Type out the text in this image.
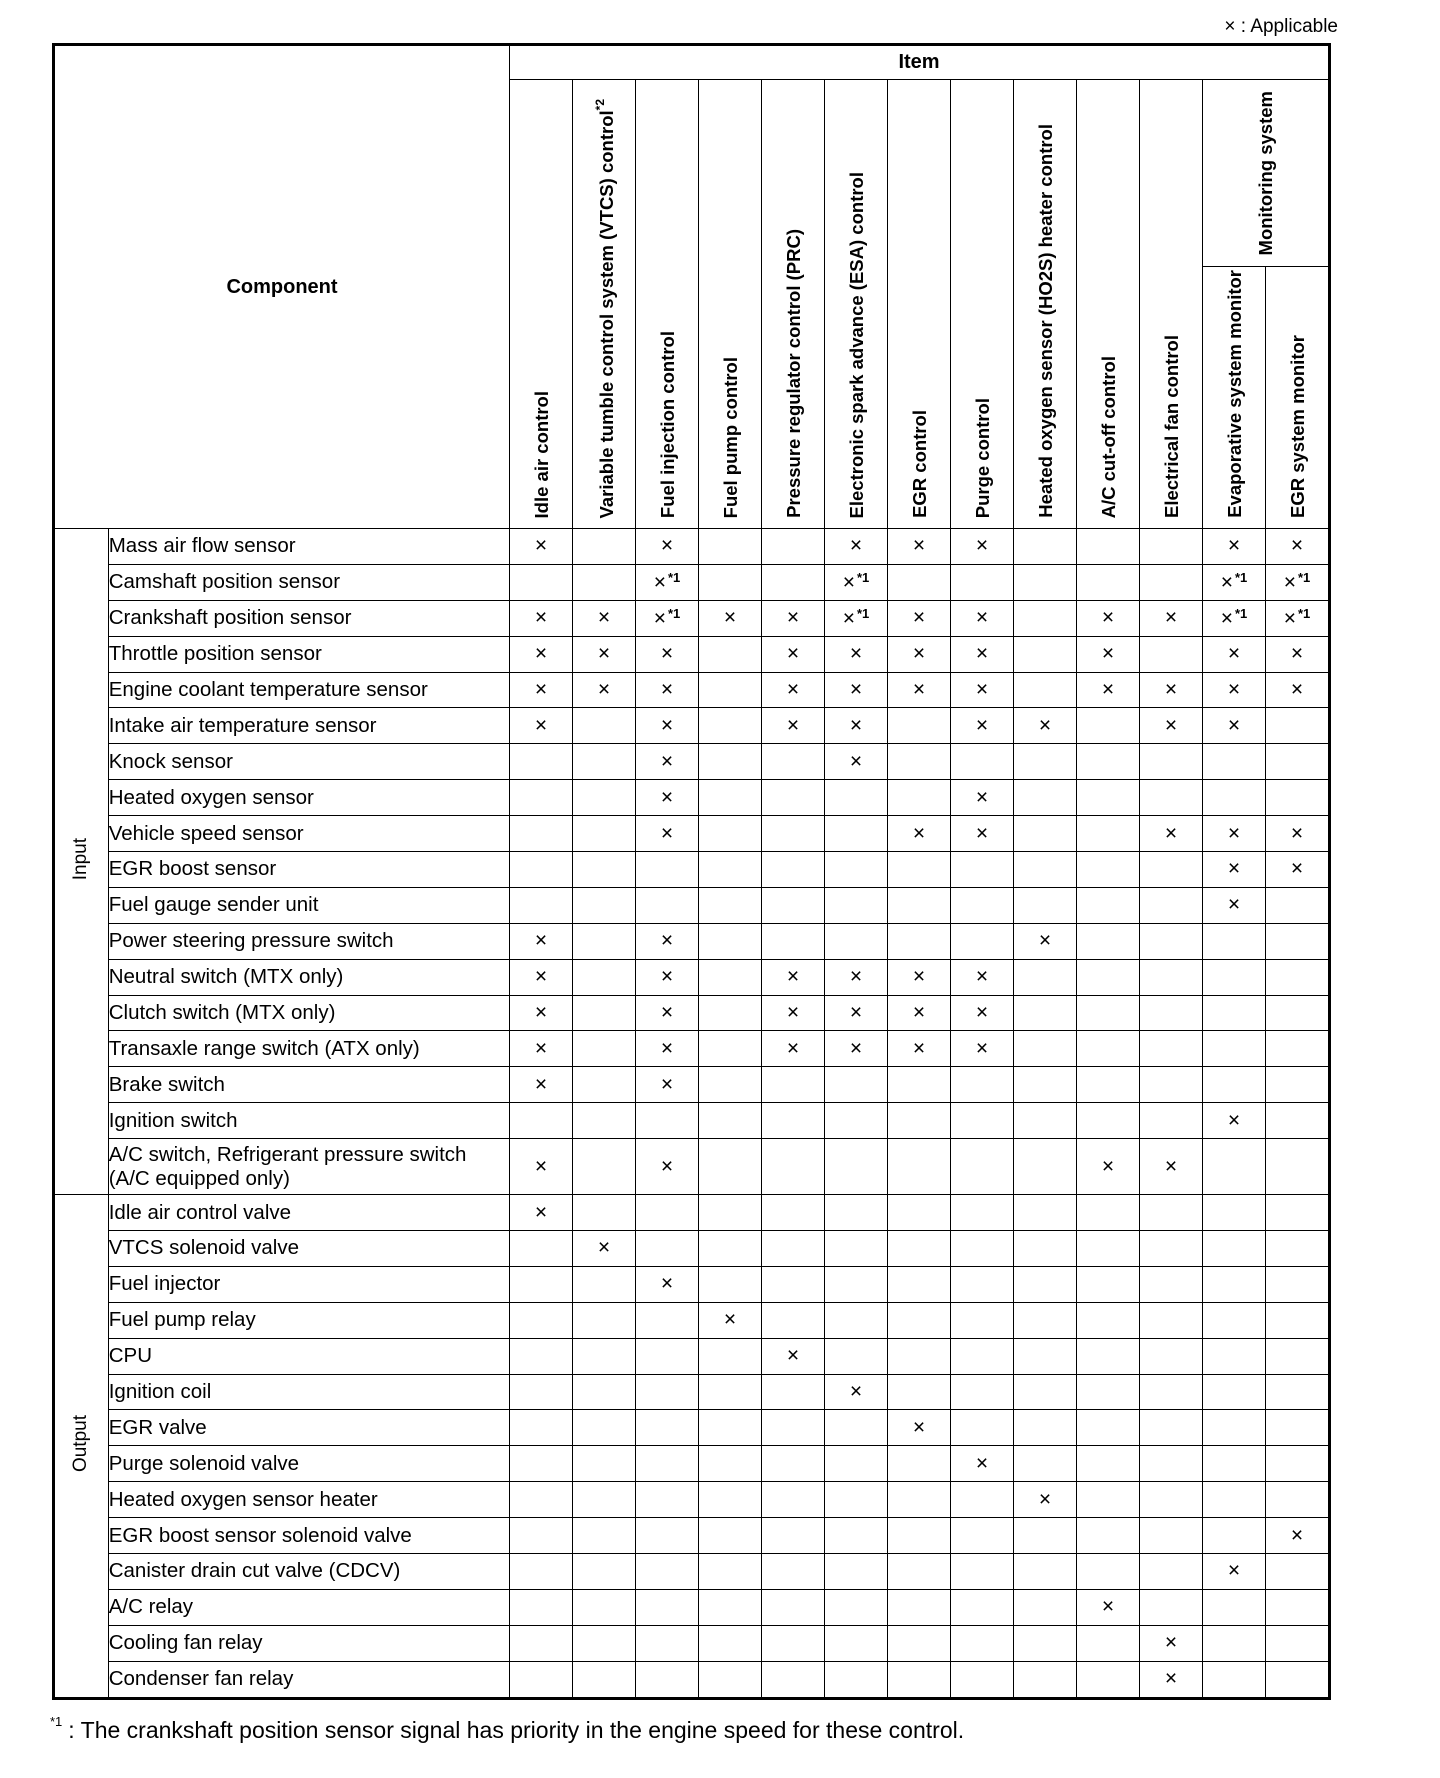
× : Applicable
Component		Item												

		Idle air control	Variable tumble control system (VTCS) control$^{*2}$	Fuel injection control	Fuel pump control	Pressure regulator control (PRC)	Electronic spark advance (ESA) control	EGR control	Purge control	Heated oxygen sensor (HO2S) heater control	A/C cut-off control	Electrical fan control	Monitoring system	

													Evaporative system monitor	EGR system monitor

Input	Mass air flow sensor	×		×			×	×	×				×	×
	Camshaft position sensor			× $^{*1}$			× $^{*1}$						× $^{*1}$	× $^{*1}$
	Crankshaft position sensor	×	×	× $^{*1}$	×	×	× $^{*1}$	×	×		×	×	× $^{*1}$	× $^{*1}$
	Throttle position sensor	×	×	×		×	×	×	×		×		×	×
	Engine coolant temperature sensor	×	×	×		×	×	×	×		×	×	×	×
	Intake air temperature sensor	×		×		×	×		×	×		×	×	
	Knock sensor			×			×							
	Heated oxygen sensor			×					×					
	Vehicle speed sensor			×				×	×			×	×	×
	EGR boost sensor												×	×
	Fuel gauge sender unit												×	
	Power steering pressure switch	×		×						×				
	Neutral switch (MTX only)	×		×		×	×	×	×					
	Clutch switch (MTX only)	×		×		×	×	×	×					
	Transaxle range switch (ATX only)	×		×		×	×	×	×					
	Brake switch	×		×										
	Ignition switch												×	
	A/C switch, Refrigerant pressure switch (A/C equipped only)	×		×							×	×		
Output	Idle air control valve	×												
	VTCS solenoid valve		×											
	Fuel injector			×										
	Fuel pump relay				×									
	CPU					×								
	Ignition coil						×							
	EGR valve							×						
	Purge solenoid valve								×					
	Heated oxygen sensor heater									×				
	EGR boost sensor solenoid valve													×
	Canister drain cut valve (CDCV)												×	
	A/C relay										×			
	Cooling fan relay											×		
	Condenser fan relay											×		
$^{*1}$ : The crankshaft position sensor signal has priority in the engine speed for these control.
